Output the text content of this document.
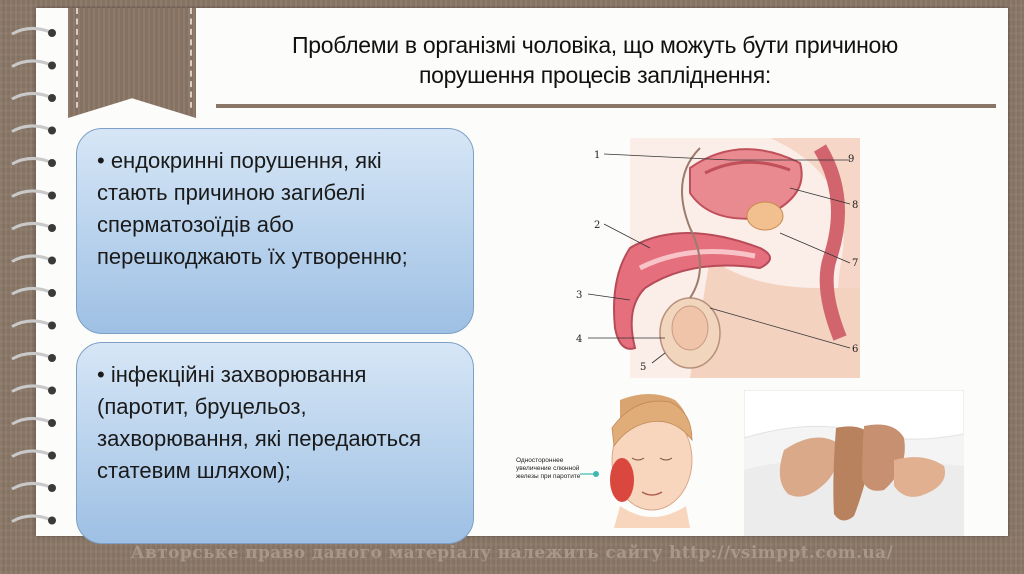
Проблеми в організмі чоловіка, що можуть бути причиною
порушення процесів запліднення:
• ендокринні порушення, які стають причиною загибелі сперматозоїдів або перешкоджають їх утворенню;
• інфекційні захворювання (паротит, бруцельоз, захворювання, які передаються статевим шляхом);
1
2
3
4
5
6
7
8
9
Одностороннее
увеличение слюнной
железы при паротите
Авторське право даного матеріалу належить сайту http://vsimppt.com.ua/
